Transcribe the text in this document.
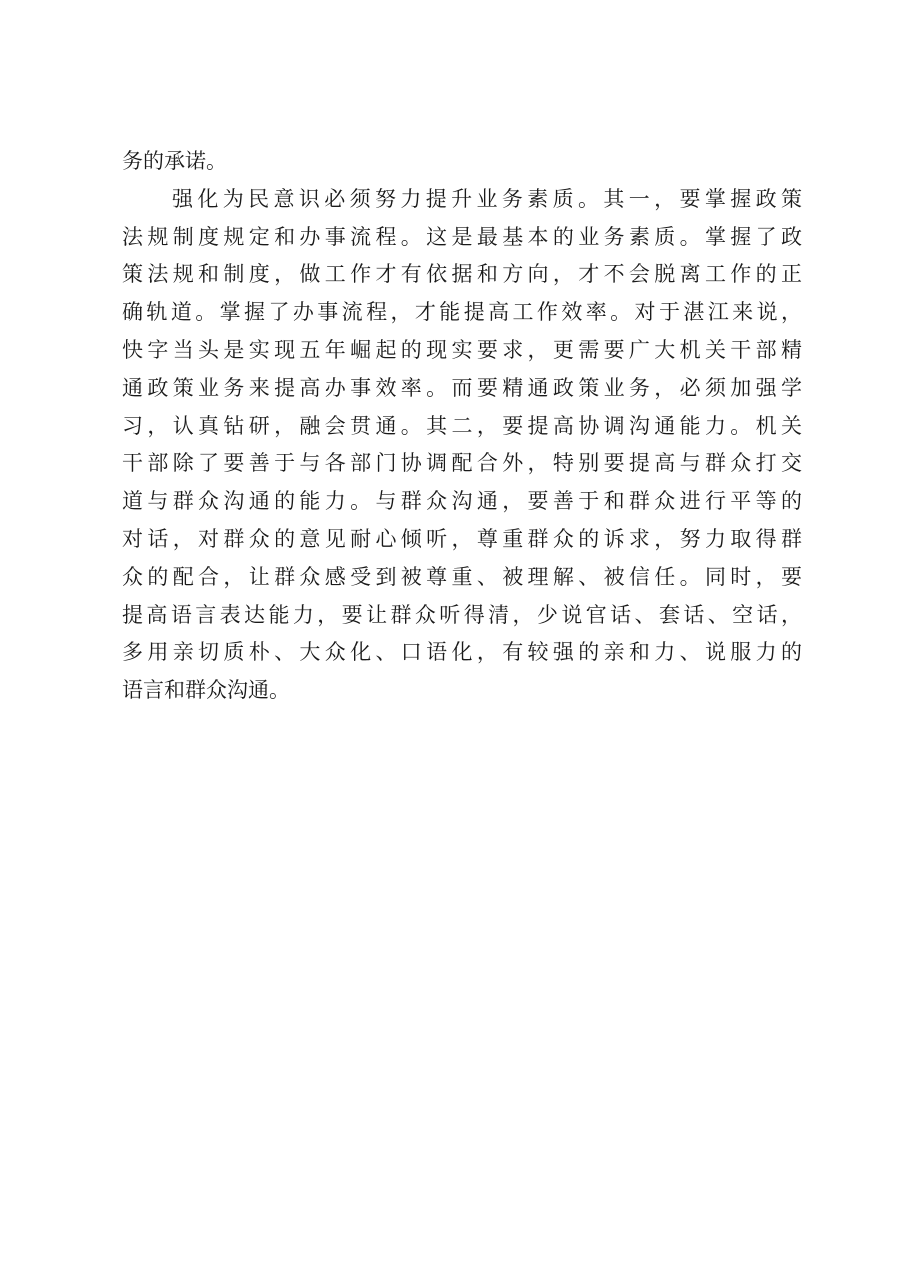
务的承诺。
强化为民意识必须努力提升业务素质。其一，要掌握政策
法规制度规定和办事流程。这是最基本的业务素质。掌握了政
策法规和制度，做工作才有依据和方向，才不会脱离工作的正
确轨道。掌握了办事流程，才能提高工作效率。对于湛江来说，
快字当头是实现五年崛起的现实要求，更需要广大机关干部精
通政策业务来提高办事效率。而要精通政策业务，必须加强学
习，认真钻研，融会贯通。其二，要提高协调沟通能力。机关
干部除了要善于与各部门协调配合外，特别要提高与群众打交
道与群众沟通的能力。与群众沟通，要善于和群众进行平等的
对话，对群众的意见耐心倾听，尊重群众的诉求，努力取得群
众的配合，让群众感受到被尊重、被理解、被信任。同时，要
提高语言表达能力，要让群众听得清，少说官话、套话、空话，
多用亲切质朴、大众化、口语化，有较强的亲和力、说服力的
语言和群众沟通。
